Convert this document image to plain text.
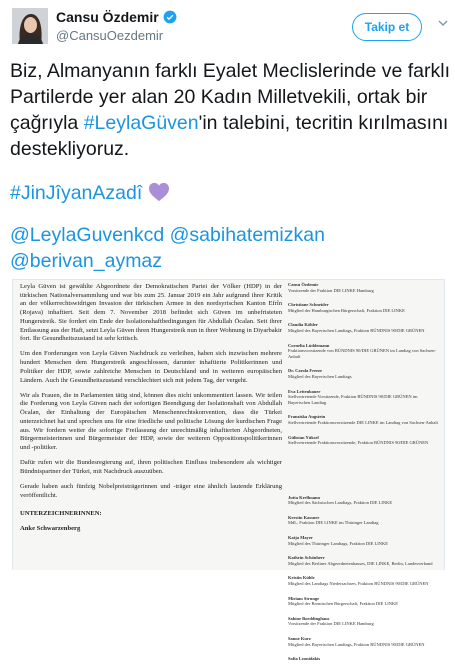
Cansu Özdemir
@CansuOezdemir
Takip et

Biz, Almanyanın farklı Eyalet Meclislerinde ve farklı Partilerde yer alan 20 Kadın Milletvekili, ortak bir çağrıyla #LeylaGüven'in talebini, tecritin kırılmasını destekliyoruz.

#JinJîyanAzadî

@LeylaGuvenkcd @sabihatemizkan
@berivan_aymaz

Leyla Güven ist gewählte Abgeordnete der Demokratischen Partei der Völker (HDP) in der türkischen Nationalversammlung und war bis zum 25. Januar 2019 ein Jahr aufgrund ihrer Kritik an der völkerrechtswidrigen Invasion der türkischen Armee in den nordsyrischen Kanton Efrîn (Rojava) inhaftiert. Seit dem 7. November 2018 befindet sich Güven im unbefristeten Hungerstreik. Sie fordert ein Ende der Isolationshaftbedingungen für Abdullah Öcalan. Seit ihrer Entlassung aus der Haft, setzt Leyla Güven ihren Hungerstreik nun in ihrer Wohnung in Diyarbakir fort. Ihr Gesundheitszustand ist sehr kritisch.

Um den Forderungen von Leyla Güven Nachdruck zu verleihen, haben sich inzwischen mehrere hundert Menschen dem Hungerstreik angeschlossen, darunter inhaftierte Politikerinnen und Politiker der HDP, sowie zahlreiche Menschen in Deutschland und in weiteren europäischen Ländern. Auch ihr Gesundheitszustand verschlechtert sich mit jedem Tag, der vergeht.

Wir als Frauen, die in Parlamenten tätig sind, können dies nicht unkommentiert lassen. Wir teilen die Forderung von Leyla Güven nach der sofortigen Beendigung der Isolationshaft von Abdullah Öcalan, der Einhaltung der Europäischen Menschenrechtskonvention, dass die Türkei unterzeichnet hat und sprechen uns für eine friedliche und politische Lösung der kurdischen Frage aus. Wir fordern weiter die sofortige Freilassung der unrechtmäßig inhaftierten Abgeordneten, Bürgermeisterinnen und Bürgermeister der HDP, sowie der weiteren Oppositionspolitikerinnen und -politiker.

Dafür rufen wir die Bundesregierung auf, ihren politischen Einfluss insbesondere als wichtiger Bündnispartner der Türkei, mit Nachdruck auszuüben.

Gerade haben auch fünfzig Nobelpreisträgerinnen und -träger eine ähnlich lautende Erklärung veröffentlicht.

UNTERZEICHNERINNEN:

Anke Schwarzenberg

Cansu Özdemir
Vorsitzende der Fraktion DIE LINKE Hamburg
Christiane Schneider
Mitglied der Hamburgischen Bürgerschaft, Fraktion DIE LINKE
Claudia Köhler
Mitglied des Bayerischen Landtags, Fraktion BÜNDNIS 90/DIE GRÜNEN
Cornelia Lüddemann
Fraktionsvorsitzende von BÜNDNIS 90/DIE GRÜNEN im Landtag von Sachsen-Anhalt
Dr. Carola Freeze
Mitglied des Bayerischen Landtags
Eva Lettenbauer
Stellvertretende Vorsitzende, Fraktion BÜNDNIS 90/DIE GRÜNEN im Bayerischen Landtag
Franziska Augstein
Stellvertretende Fraktionsvorsitzende DIE LINKE im Landtag von Sachsen-Anhalt
Gülistan Yüksel
Stellvertretende Fraktionsvorsitzende, Fraktion BÜNDNIS 90/DIE GRÜNEN
Jutta Krellmann
Mitglied des Sächsischen Landtags, Fraktion DIE LINKE
Kerstin Kassner
MdL, Fraktion DIE LINKE im Thüringer Landtag
Katja Mayer
Mitglied des Thüringer Landtags, Fraktion DIE LINKE
Kathrin Schönherr
Mitglied des Berliner Abgeordnetenhauses, DIE LINKE, Berlin, Landesverband
Kristin Kühle
Mitglied des Landtags Niedersachsen, Fraktion BÜNDNIS 90/DIE GRÜNEN
Miriam Strunge
Mitglied der Bremischen Bürgerschaft, Fraktion DIE LINKE
Sabine Boeddinghaus
Vorsitzende der Fraktion DIE LINKE Hamburg
Sanne Kurz
Mitglied des Bayerischen Landtags, Fraktion BÜNDNIS 90/DIE GRÜNEN
Sofia Leonidakis
